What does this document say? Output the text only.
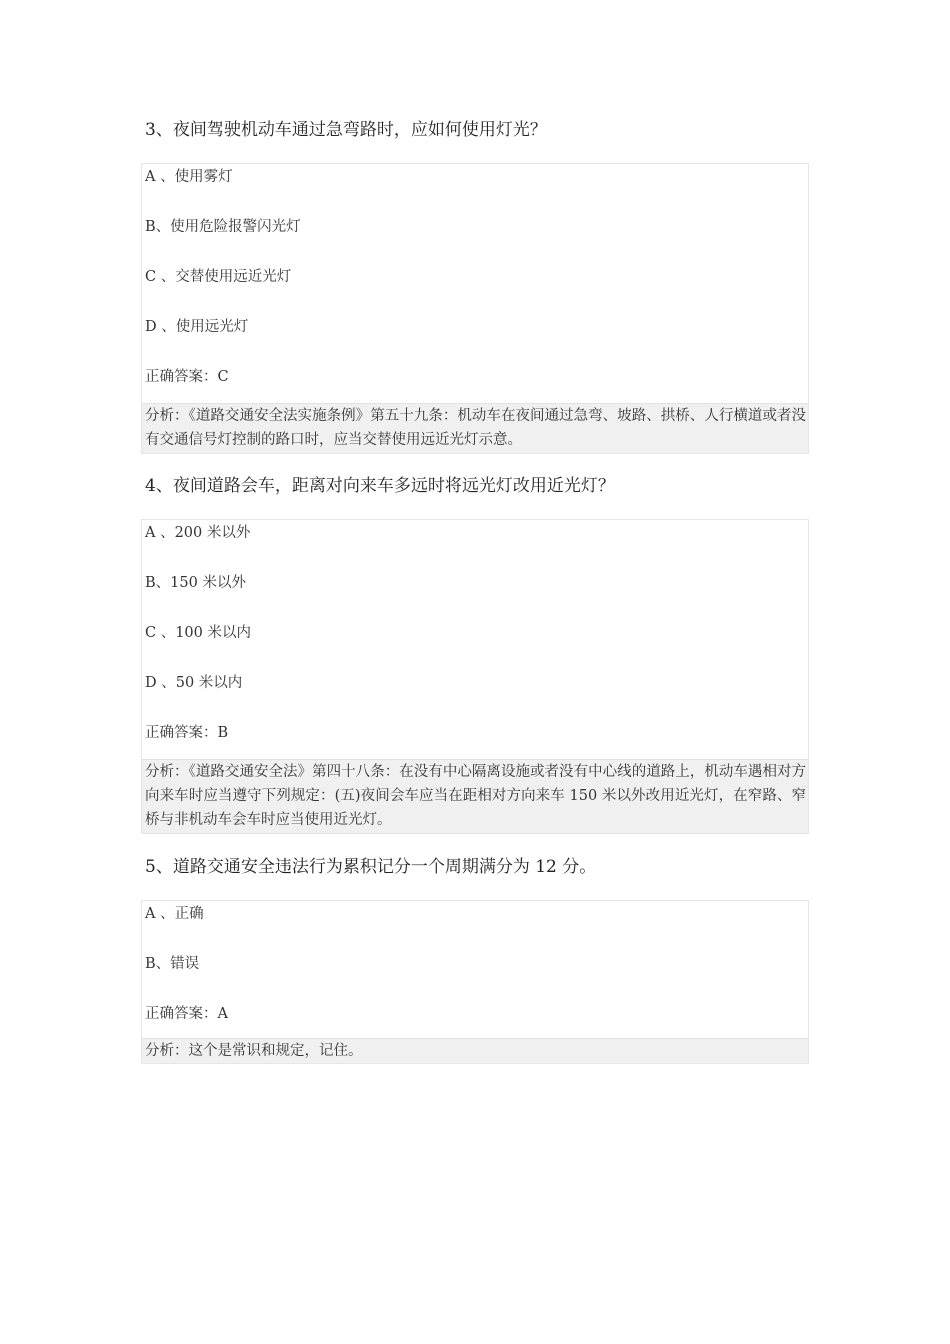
3、夜间驾驶机动车通过急弯路时，应如何使用灯光？
A 、使用雾灯
B、使用危险报警闪光灯
C 、交替使用远近光灯
D 、使用远光灯
正确答案：C
分析：《道路交通安全法实施条例》第五十九条：机动车在夜间通过急弯、坡路、拱桥、人行横道或者没有交通信号灯控制的路口时，应当交替使用远近光灯示意。
4、夜间道路会车，距离对向来车多远时将远光灯改用近光灯？
A 、200 米以外
B、150 米以外
C 、100 米以内
D 、50 米以内
正确答案：B
分析：《道路交通安全法》第四十八条：在没有中心隔离设施或者没有中心线的道路上，机动车遇相对方向来车时应当遵守下列规定：(五)夜间会车应当在距相对方向来车 150 米以外改用近光灯，在窄路、窄桥与非机动车会车时应当使用近光灯。
5、道路交通安全违法行为累积记分一个周期满分为 12 分。
A 、正确
B、错误
正确答案：A
分析：这个是常识和规定，记住。
